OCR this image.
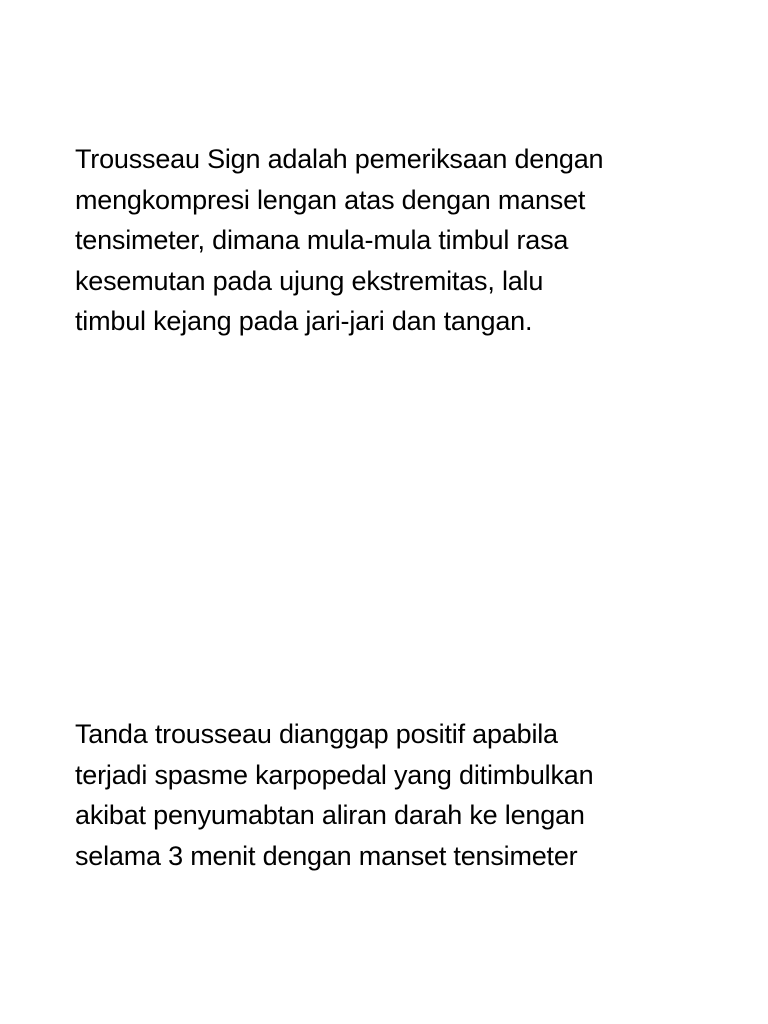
Trousseau Sign adalah pemeriksaan dengan
mengkompresi lengan atas dengan manset
tensimeter, dimana mula-mula timbul rasa
kesemutan pada ujung ekstremitas, lalu
timbul kejang pada jari-jari dan tangan.

Tanda trousseau dianggap positif apabila
terjadi spasme karpopedal yang ditimbulkan
akibat penyumabtan aliran darah ke lengan
selama 3 menit dengan manset tensimeter
